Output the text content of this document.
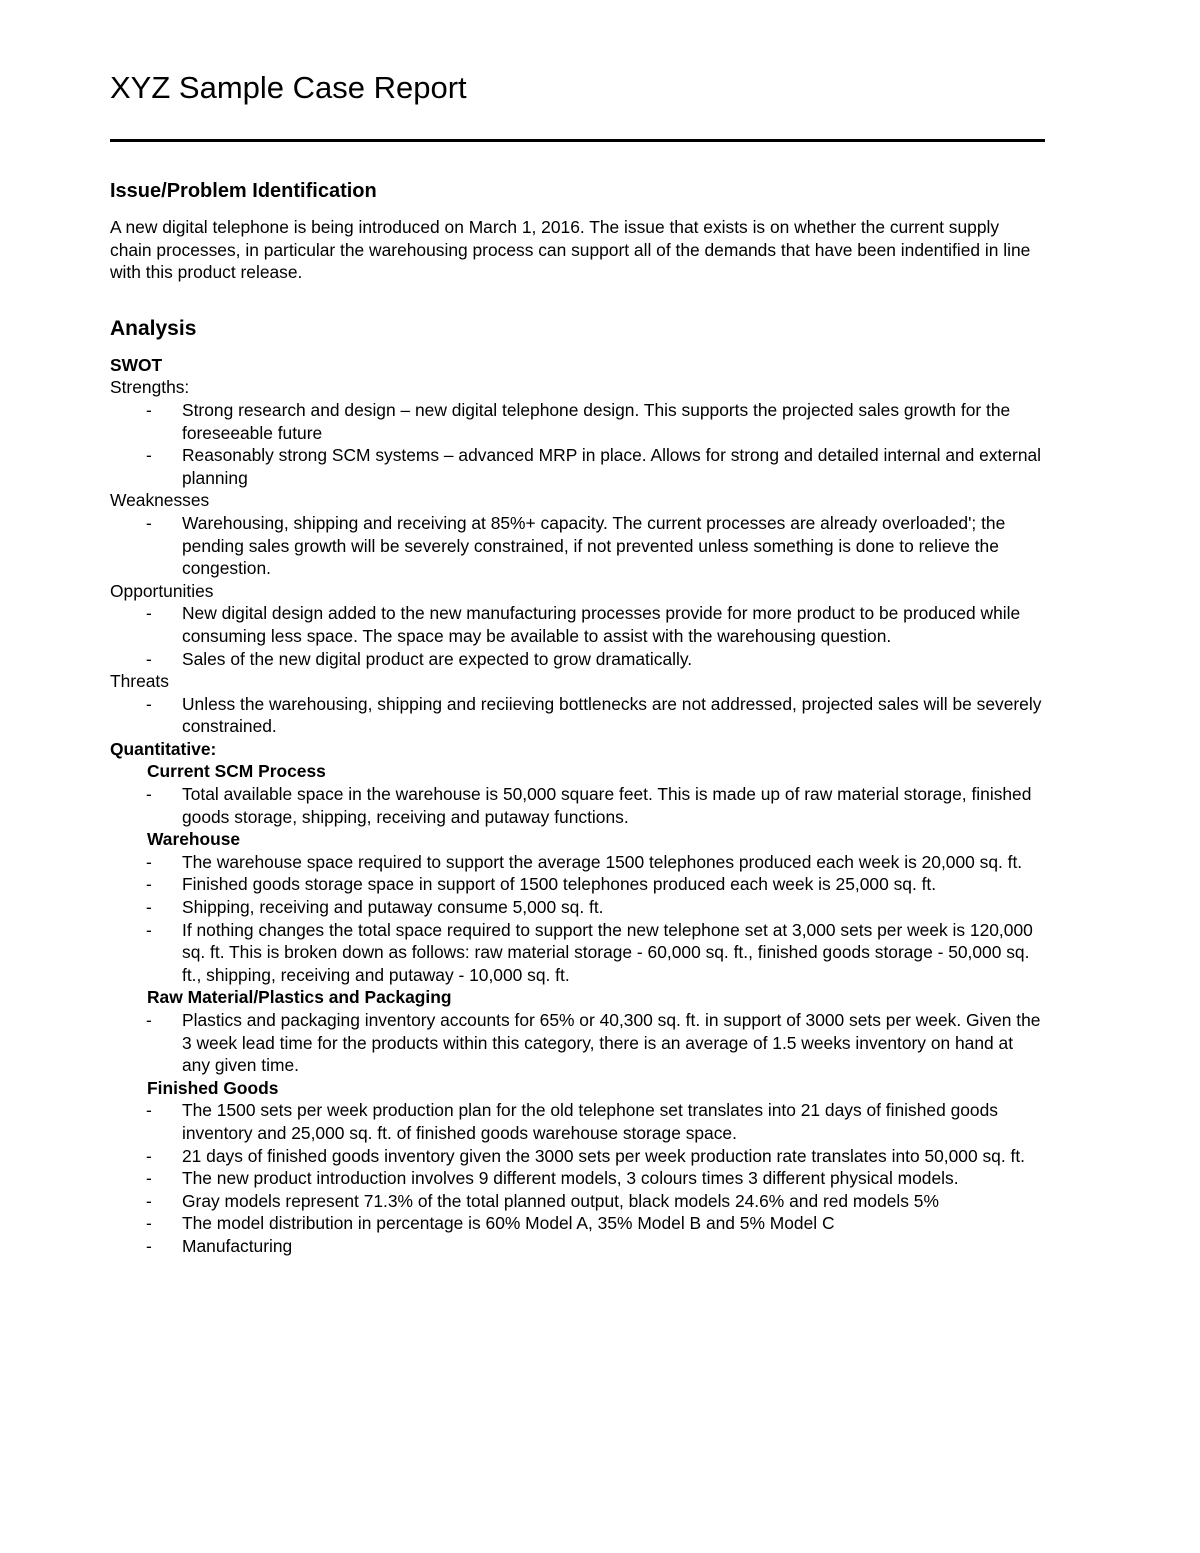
XYZ Sample Case Report
Issue/Problem Identification

A new digital telephone is being introduced on March 1, 2016. The issue that exists is on whether the current supply chain processes, in particular the warehousing process can support all of the demands that have been indentified in line with this product release.

Analysis
SWOT
Strengths:
- Strong research and design – new digital telephone design. This supports the projected sales growth for the foreseeable future
- Reasonably strong SCM systems – advanced MRP in place. Allows for strong and detailed internal and external planning
Weaknesses
- Warehousing, shipping and receiving at 85%+ capacity. The current processes are already overloaded'; the pending sales growth will be severely constrained, if not prevented unless something is done to relieve the congestion.
Opportunities
- New digital design added to the new manufacturing processes provide for more product to be produced while consuming less space. The space may be available to assist with the warehousing question.
- Sales of the new digital product are expected to grow dramatically.
Threats
- Unless the warehousing, shipping and reciieving bottlenecks are not addressed, projected sales will be severely constrained.
Quantitative:
Current SCM Process
- Total available space in the warehouse is 50,000 square feet. This is made up of raw material storage, finished goods storage, shipping, receiving and putaway functions.
Warehouse
- The warehouse space required to support the average 1500 telephones produced each week is 20,000 sq. ft.
- Finished goods storage space in support of 1500 telephones produced each week is 25,000 sq. ft.
- Shipping, receiving and putaway consume 5,000 sq. ft.
- If nothing changes the total space required to support the new telephone set at 3,000 sets per week is 120,000 sq. ft. This is broken down as follows: raw material storage - 60,000 sq. ft., finished goods storage - 50,000 sq. ft., shipping, receiving and putaway - 10,000 sq. ft.
Raw Material/Plastics and Packaging
- Plastics and packaging inventory accounts for 65% or 40,300 sq. ft. in support of 3000 sets per week. Given the 3 week lead time for the products within this category, there is an average of 1.5 weeks inventory on hand at any given time.
Finished Goods
- The 1500 sets per week production plan for the old telephone set translates into 21 days of finished goods inventory and 25,000 sq. ft. of finished goods warehouse storage space.
- 21 days of finished goods inventory given the 3000 sets per week production rate translates into 50,000 sq. ft.
- The new product introduction involves 9 different models, 3 colours times 3 different physical models.
- Gray models represent 71.3% of the total planned output, black models 24.6% and red models 5%
- The model distribution in percentage is 60% Model A, 35% Model B and 5% Model C
- Manufacturing
